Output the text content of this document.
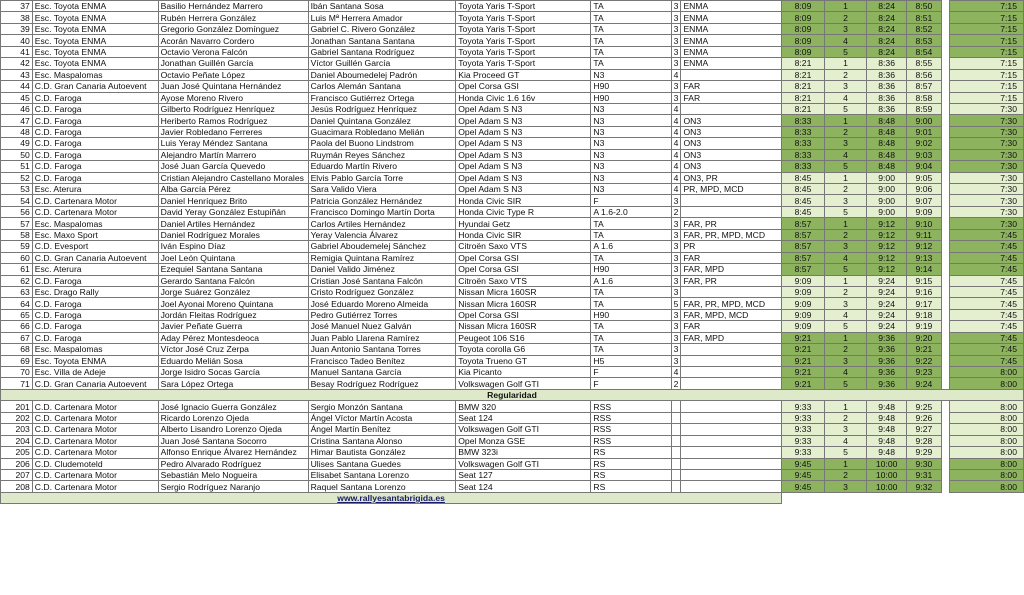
37	Esc. Toyota ENMA	Basilio Hernández Marrero	Ibán Santana Sosa	Toyota Yaris T-Sport	TA	3	ENMA	8:09	1	8:24	8:50		7:15
38	Esc. Toyota ENMA	Rubén Herrera González	Luis Mª Herrera Amador	Toyota Yaris T-Sport	TA	3	ENMA	8:09	2	8:24	8:51		7:15
39	Esc. Toyota ENMA	Gregorio González Domínguez	Gabriel C. Rivero González	Toyota Yaris T-Sport	TA	3	ENMA	8:09	3	8:24	8:52		7:15
40	Esc. Toyota ENMA	Acorán Navarro Cordero	Jonathan Santana Santana	Toyota Yaris T-Sport	TA	3	ENMA	8:09	4	8:24	8:53		7:15
41	Esc. Toyota ENMA	Octavio Verona Falcón	Gabriel Santana Rodríguez	Toyota Yaris T-Sport	TA	3	ENMA	8:09	5	8:24	8:54		7:15
42	Esc. Toyota ENMA	Jonathan Guillén García	Víctor Guillén García	Toyota Yaris T-Sport	TA	3	ENMA	8:21	1	8:36	8:55		7:15
43	Esc. Maspalomas	Octavio Peñate López	Daniel Aboumedelej Padrón	Kia Proceed GT	N3	4		8:21	2	8:36	8:56		7:15
44	C.D. Gran Canaria Autoevent	Juan José Quintana Hernández	Carlos Alemán Santana	Opel Corsa GSI	H90	3	FAR	8:21	3	8:36	8:57		7:15
45	C.D. Faroga	Ayose Moreno Rivero	Francisco Gutiérrez Ortega	Honda Civic 1.6 16v	H90	3	FAR	8:21	4	8:36	8:58		7:15
46	C.D. Faroga	Gilberto Rodríguez Henríquez	Jesús Rodríguez Henríquez	Opel Adam S N3	N3	4		8:21	5	8:36	8:59		7:30
47	C.D. Faroga	Heriberto Ramos Rodríguez	Daniel Quintana González	Opel Adam S N3	N3	4	ON3	8:33	1	8:48	9:00		7:30
48	C.D. Faroga	Javier Robledano Ferreres	Guacimara Robledano Melián	Opel Adam S N3	N3	4	ON3	8:33	2	8:48	9:01		7:30
49	C.D. Faroga	Luis Yeray Méndez Santana	Paola del Buono Lindstrom	Opel Adam S N3	N3	4	ON3	8:33	3	8:48	9:02		7:30
50	C.D. Faroga	Alejandro Martín Marrero	Ruymán Reyes Sánchez	Opel Adam S N3	N3	4	ON3	8:33	4	8:48	9:03		7:30
51	C.D. Faroga	José Juan García Quevedo	Eduardo Martín Rivero	Opel Adam S N3	N3	4	ON3	8:33	5	8:48	9:04		7:30
52	C.D. Faroga	Cristian Alejandro Castellano Morales	Elvis Pablo García Torre	Opel Adam S N3	N3	4	ON3, PR	8:45	1	9:00	9:05		7:30
53	Esc. Aterura	Alba García Pérez	Sara Valido Viera	Opel Adam S N3	N3	4	PR, MPD, MCD	8:45	2	9:00	9:06		7:30
54	C.D. Cartenara Motor	Daniel Henríquez Brito	Patricia González Hernández	Honda Civic SIR	F	3		8:45	3	9:00	9:07		7:30
56	C.D. Cartenara Motor	David Yeray González Estupiñán	Francisco Domingo Martín Dorta	Honda Civic Type R	A 1.6-2.0	2		8:45	5	9:00	9:09		7:30
57	Esc. Maspalomas	Daniel Artiles Hernández	Carlos Artiles Hernández	Hyundai Getz	TA	3	FAR, PR	8:57	1	9:12	9:10		7:30
58	Esc. Maxo Sport	Daniel Rodríguez Morales	Yeray Valencia Álvarez	Honda Civic SIR	TA	3	FAR, PR, MPD, MCD	8:57	2	9:12	9:11		7:45
59	C.D. Evesport	Iván Espino Díaz	Gabriel Aboudemelej Sánchez	Citroën Saxo VTS	A 1.6	3	PR	8:57	3	9:12	9:12		7:45
60	C.D. Gran Canaria Autoevent	Joel León Quintana	Remigia Quintana Ramírez	Opel Corsa GSI	TA	3	FAR	8:57	4	9:12	9:13		7:45
61	Esc. Aterura	Ezequiel Santana Santana	Daniel Valido Jiménez	Opel Corsa GSI	H90	3	FAR, MPD	8:57	5	9:12	9:14		7:45
62	C.D. Faroga	Gerardo Santana Falcón	Cristian José Santana Falcón	Citroën Saxo VTS	A 1.6	3	FAR, PR	9:09	1	9:24	9:15		7:45
63	Esc. Drago Rally	Jorge Suárez González	Cristo Rodríguez González	Nissan Micra 160SR	TA	3		9:09	2	9:24	9:16		7:45
64	C.D. Faroga	Joel Ayonai Moreno Quintana	José Eduardo Moreno Almeida	Nissan Micra 160SR	TA	5	FAR, PR, MPD, MCD	9:09	3	9:24	9:17		7:45
65	C.D. Faroga	Jordán Fleitas Rodríguez	Pedro Gutiérrez Torres	Opel Corsa GSI	H90	3	FAR, MPD, MCD	9:09	4	9:24	9:18		7:45
66	C.D. Faroga	Javier Peñate Guerra	José Manuel Nuez Galván	Nissan Micra 160SR	TA	3	FAR	9:09	5	9:24	9:19		7:45
67	C.D. Faroga	Aday Pérez Montesdeoca	Juan Pablo Llarena Ramírez	Peugeot 106 S16	TA	3	FAR, MPD	9:21	1	9:36	9:20		7:45
68	Esc. Maspalomas	Víctor José Cruz Zerpa	Juan Antonio Santana Torres	Toyota corolla G6	TA	3		9:21	2	9:36	9:21		7:45
69	Esc. Toyota ENMA	Eduardo Melián Sosa	Francisco Tadeo Benítez	Toyota Trueno GT	H5	3		9:21	3	9:36	9:22		7:45
70	Esc. Villa de Adeje	Jorge Isidro Socas García	Manuel Santana García	Kia Picanto	F	4		9:21	4	9:36	9:23		8:00
71	C.D. Gran Canaria Autoevent	Sara López Ortega	Besay Rodríguez Rodríguez	Volkswagen Golf GTI	F	2		9:21	5	9:36	9:24		8:00
Regularidad													
201	C.D. Cartenara Motor	José Ignacio Guerra González	Sergio Monzón Santana	BMW 320	RSS			9:33	1	9:48	9:25		8:00
202	C.D. Cartenara Motor	Ricardo Lorenzo Ojeda	Ángel Víctor Martín Acosta	Seat 124	RSS			9:33	2	9:48	9:26		8:00
203	C.D. Cartenara Motor	Alberto Lisandro Lorenzo Ojeda	Ángel Martín Benítez	Volkswagen Golf GTI	RSS			9:33	3	9:48	9:27		8:00
204	C.D. Cartenara Motor	Juan José Santana Socorro	Cristina Santana Alonso	Opel Monza GSE	RSS			9:33	4	9:48	9:28		8:00
205	C.D. Cartenara Motor	Alfonso Enrique Álvarez Hernández	Himar Bautista González	BMW 323i	RS			9:33	5	9:48	9:29		8:00
206	C.D. Cludemoteld	Pedro Alvarado Rodríguez	Ulises Santana Guedes	Volkswagen Golf GTI	RS			9:45	1	10:00	9:30		8:00
207	C.D. Cartenara Motor	Sebastián Melo Nogueira	Elisabet Santana Lorenzo	Seat 127	RS			9:45	2	10:00	9:31		8:00
208	C.D. Cartenara Motor	Sergio Rodríguez Naranjo	Raquel Santana Lorenzo	Seat 124	RS			9:45	3	10:00	9:32		8:00
www.rallyesantabrigida.es													
